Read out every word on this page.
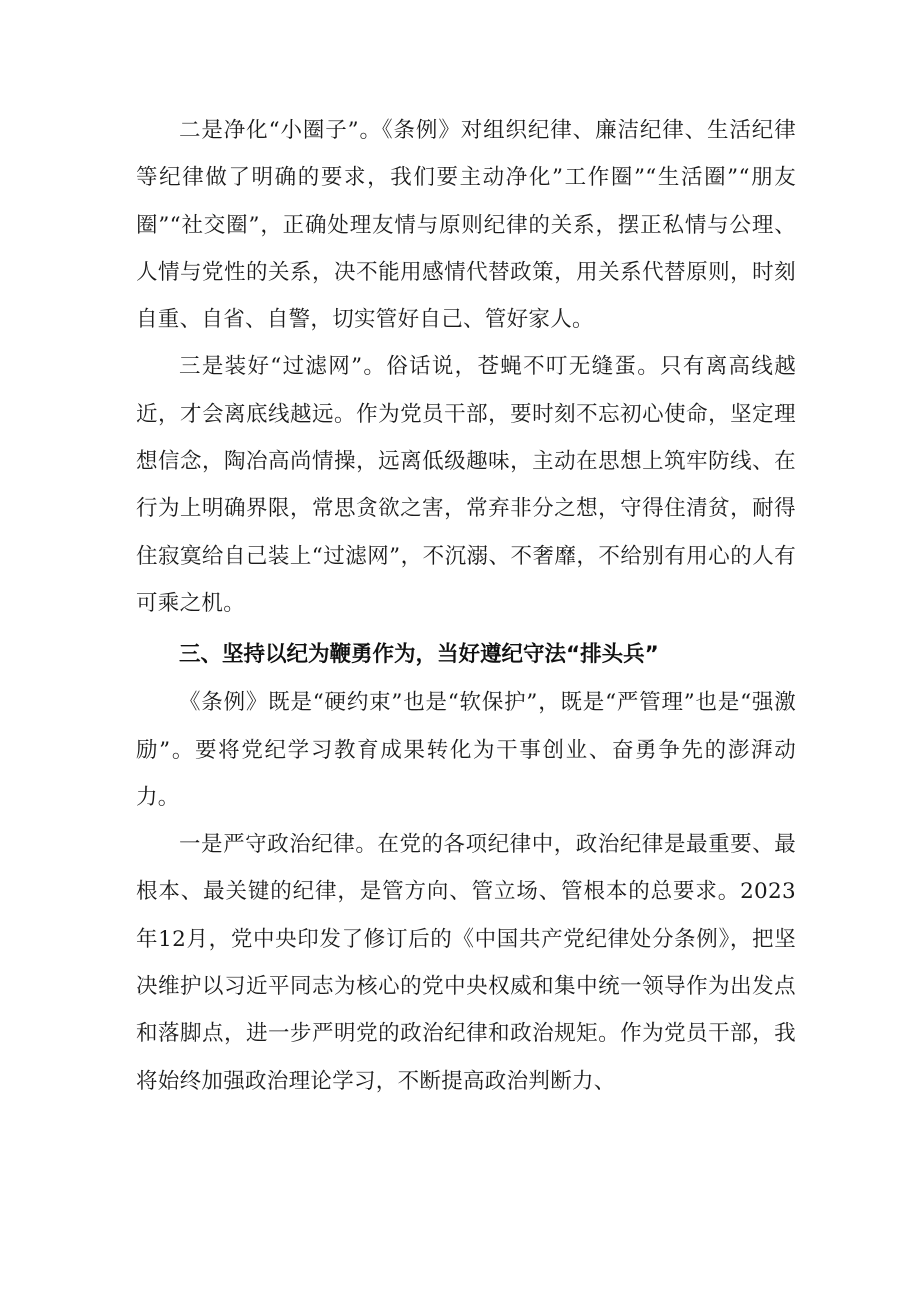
二是净化“小圈子”。《条例》对组织纪律、廉洁纪律、生活纪律等纪律做了明确的要求，我们要主动净化”工作圈”“生活圈”“朋友圈”“社交圈”，正确处理友情与原则纪律的关系，摆正私情与公理、人情与党性的关系，决不能用感情代替政策，用关系代替原则，时刻自重、自省、自警，切实管好自己、管好家人。

三是装好“过滤网”。俗话说，苍蝇不叮无缝蛋。只有离高线越近，才会离底线越远。作为党员干部，要时刻不忘初心使命，坚定理想信念，陶冶高尚情操，远离低级趣味，主动在思想上筑牢防线、在行为上明确界限，常思贪欲之害，常弃非分之想，守得住清贫，耐得住寂寞给自己装上“过滤网”，不沉溺、不奢靡，不给别有用心的人有可乘之机。

三、坚持以纪为鞭勇作为，当好遵纪守法“排头兵”

《条例》既是“硬约束”也是“软保护”，既是“严管理”也是“强激励”。要将党纪学习教育成果转化为干事创业、奋勇争先的澎湃动力。

一是严守政治纪律。在党的各项纪律中，政治纪律是最重要、最根本、最关键的纪律，是管方向、管立场、管根本的总要求。2023年12月，党中央印发了修订后的《中国共产党纪律处分条例》，把坚决维护以习近平同志为核心的党中央权威和集中统一领导作为出发点和落脚点，进一步严明党的政治纪律和政治规矩。作为党员干部，我将始终加强政治理论学习，不断提高政治判断力、
